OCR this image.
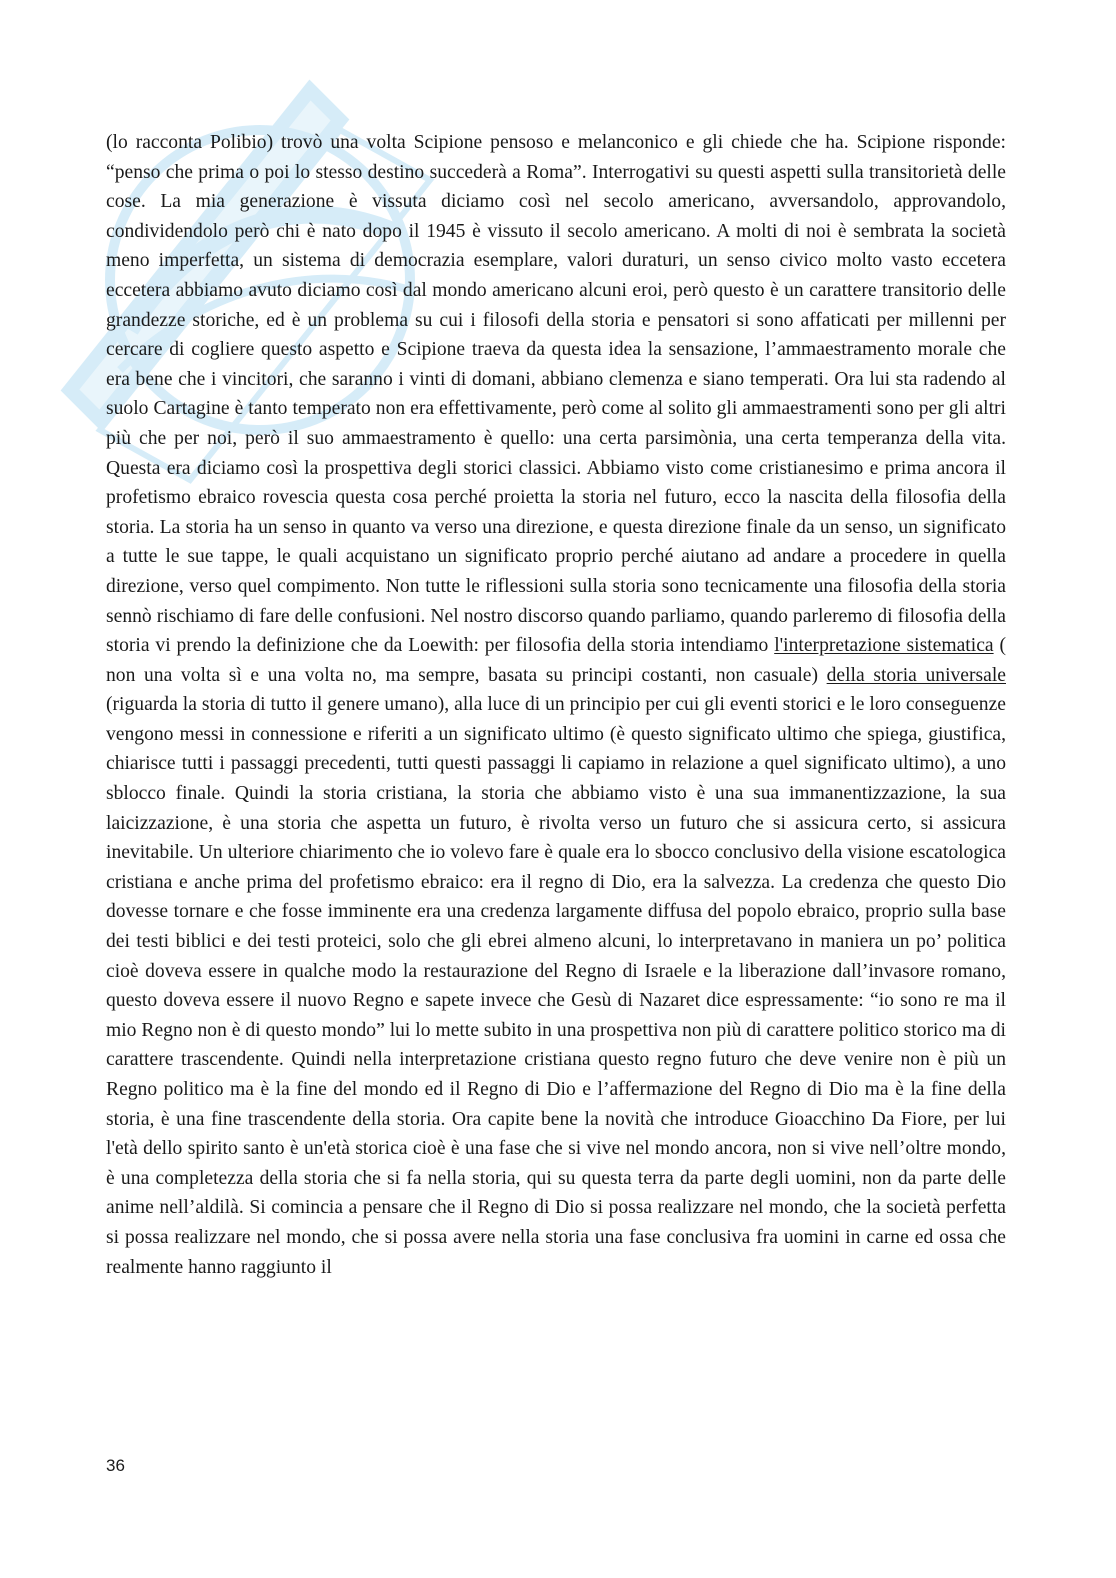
(lo racconta Polibio) trovò una volta Scipione pensoso e melanconico e gli chiede che ha. Scipione risponde: “penso che prima o poi lo stesso destino succederà a Roma”. Interrogativi su questi aspetti sulla transitorietà delle cose. La mia generazione è vissuta diciamo così nel secolo americano, avversandolo, approvandolo, condividendolo però chi è nato dopo il 1945 è vissuto il secolo americano. A molti di noi è sembrata la società meno imperfetta, un sistema di democrazia esemplare, valori duraturi, un senso civico molto vasto eccetera eccetera abbiamo avuto diciamo così dal mondo americano alcuni eroi, però questo è un carattere transitorio delle grandezze storiche, ed è un problema su cui i filosofi della storia e pensatori si sono affaticati per millenni per cercare di cogliere questo aspetto e Scipione traeva da questa idea la sensazione, l’ammaestramento morale che era bene che i vincitori, che saranno i vinti di domani, abbiano clemenza e siano temperati. Ora lui sta radendo al suolo Cartagine è tanto temperato non era effettivamente, però come al solito gli ammaestramenti sono per gli altri più che per noi, però il suo ammaestramento è quello: una certa parsimònia, una certa temperanza della vita. Questa era diciamo così la prospettiva degli storici classici. Abbiamo visto come cristianesimo e prima ancora il profetismo ebraico rovescia questa cosa perché proietta la storia nel futuro, ecco la nascita della filosofia della storia. La storia ha un senso in quanto va verso una direzione, e questa direzione finale da un senso, un significato a tutte le sue tappe, le quali acquistano un significato proprio perché aiutano ad andare a procedere in quella direzione, verso quel compimento. Non tutte le riflessioni sulla storia sono tecnicamente una filosofia della storia sennò rischiamo di fare delle confusioni. Nel nostro discorso quando parliamo, quando parleremo di filosofia della storia vi prendo la definizione che da Loewith: per filosofia della storia intendiamo l'interpretazione sistematica ( non una volta sì e una volta no, ma sempre, basata su principi costanti, non casuale) della storia universale (riguarda la storia di tutto il genere umano), alla luce di un principio per cui gli eventi storici e le loro conseguenze vengono messi in connessione e riferiti a un significato ultimo (è questo significato ultimo che spiega, giustifica, chiarisce tutti i passaggi precedenti, tutti questi passaggi li capiamo in relazione a quel significato ultimo), a uno sblocco finale. Quindi la storia cristiana, la storia che abbiamo visto è una sua immanentizzazione, la sua laicizzazione, è una storia che aspetta un futuro, è rivolta verso un futuro che si assicura certo, si assicura inevitabile. Un ulteriore chiarimento che io volevo fare è quale era lo sbocco conclusivo della visione escatologica cristiana e anche prima del profetismo ebraico: era il regno di Dio, era la salvezza. La credenza che questo Dio dovesse tornare e che fosse imminente era una credenza largamente diffusa del popolo ebraico, proprio sulla base dei testi biblici e dei testi proteici, solo che gli ebrei almeno alcuni, lo interpretavano in maniera un po’ politica cioè doveva essere in qualche modo la restaurazione del Regno di Israele e la liberazione dall’invasore romano, questo doveva essere il nuovo Regno e sapete invece che Gesù di Nazaret dice espressamente: “io sono re ma il mio Regno non è di questo mondo” lui lo mette subito in una prospettiva non più di carattere politico storico ma di carattere trascendente. Quindi nella interpretazione cristiana questo regno futuro che deve venire non è più un Regno politico ma è la fine del mondo ed il Regno di Dio e l’affermazione del Regno di Dio ma è la fine della storia, è una fine trascendente della storia. Ora capite bene la novità che introduce Gioacchino Da Fiore, per lui l'età dello spirito santo è un'età storica cioè è una fase che si vive nel mondo ancora, non si vive nell’oltre mondo, è una completezza della storia che si fa nella storia, qui su questa terra da parte degli uomini, non da parte delle anime nell’aldilà. Si comincia a pensare che il Regno di Dio si possa realizzare nel mondo, che la società perfetta si possa realizzare nel mondo, che si possa avere nella storia una fase conclusiva fra uomini in carne ed ossa che realmente hanno raggiunto il

36
